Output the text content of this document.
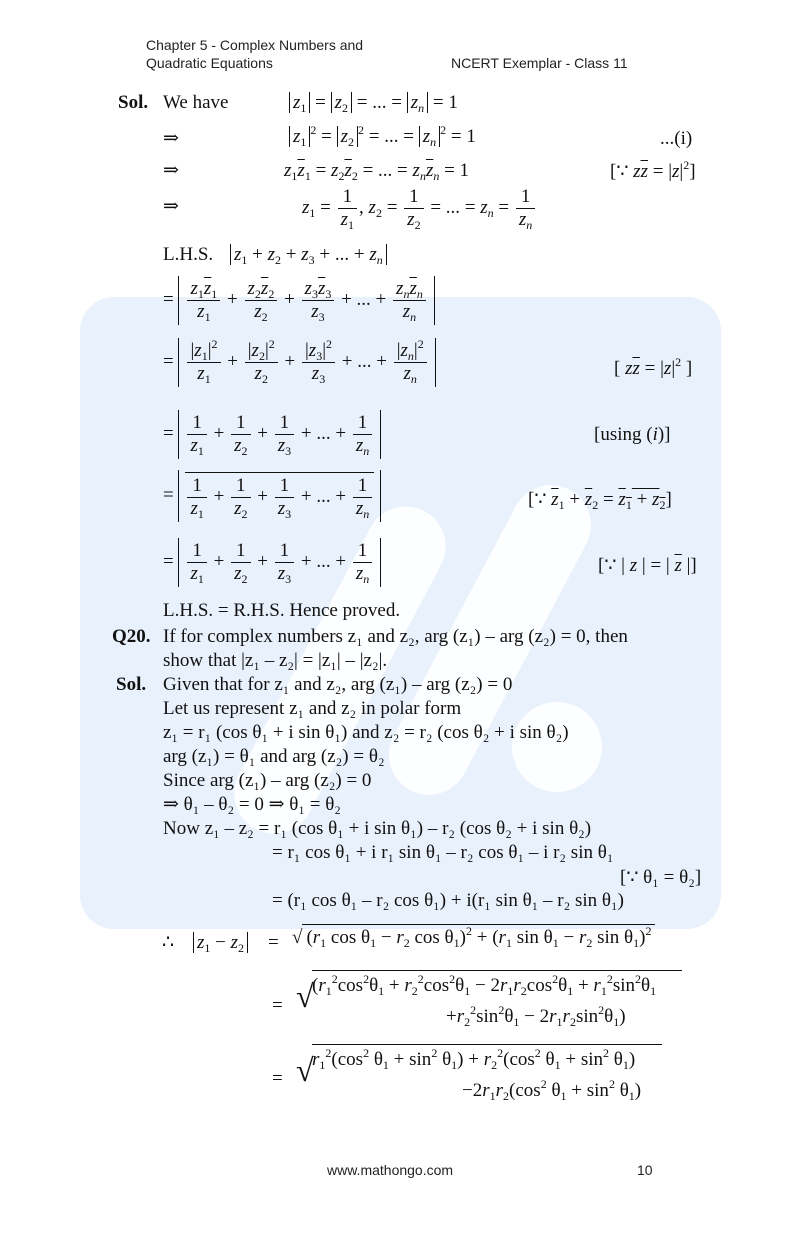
Chapter 5 - Complex Numbers and
Quadratic Equations	NCERT Exemplar - Class 11
Sol. We have	$z_1 = z_2$ = ... = $z_n = 1$
⇒	$z_1^2 = z_2^2$ = ... = $z_n^2 = 1$	...(i)
⇒	$z_1\overline{z}_1 = z_2\overline{z}_2$ = ... = $z_n\overline{z}_n = 1$	[∵ $z\overline{z} = |z|^2$]
⇒	$z_1 = \frac{1}{\overline{z}_1}$ , $z_2 = \frac{1}{\overline{z}_2}$ = ... = $z_n = \frac{1}{\overline{z}_n}$
L.H.S. $z_1 + z_2 + z_3$ + ... + $z_n$
= $\frac{z_1\overline{z}_1}{\overline{z}_1} + \frac{z_2\overline{z}_2}{\overline{z}_2} + \frac{z_3\overline{z}_3}{\overline{z}_3}$ + ... + $\frac{z_n\overline{z}_n}{\overline{z}_n}$
= $\frac{|z_1|^2}{\overline{z}_1} + \frac{|z_2|^2}{\overline{z}_2} + \frac{|z_3|^2}{\overline{z}_3}$ + ... + $\frac{|z_n|^2}{\overline{z}_n}$	[ $z\overline{z} = |z|^2$ ]
= $\frac{1}{\overline{z}_1} + \frac{1}{\overline{z}_2} + \frac{1}{\overline{z}_3}$ + ... + $\frac{1}{\overline{z}_n}$	[using (i)]
= $\frac{1}{z_1} + \frac{1}{z_2} + \frac{1}{z_3}$ + ... + $\frac{1}{z_n}$	[∵ $\overline{z}_1 + \overline{z}_2 = z_1 + z_2$]
= $\frac{1}{z_1} + \frac{1}{z_2} + \frac{1}{z_3}$ + ... + $\frac{1}{z_n}$	[∵ | z | = | $\overline{z}$ |]
L.H.S. = R.H.S. Hence proved.
Q20. If for complex numbers z₁ and z₂, arg (z₁) – arg (z₂) = 0, then
show that |z₁ – z₂| = |z₁| – |z₂|.
Sol. Given that for z₁ and z₂, arg (z₁) – arg (z₂) = 0
Let us represent z₁ and z₂ in polar form
z₁ = r₁ (cos θ₁ + i sin θ₁) and z₂ = r₂ (cos θ₂ + i sin θ₂)
arg (z₁) = θ₁ and arg (z₂) = θ₂
Since arg (z₁) – arg (z₂) = 0
⇒ θ₁ – θ₂ = 0 ⇒ θ₁ = θ₂
Now z₁ – z₂ = r₁ (cos θ₁ + i sin θ₁) – r₂ (cos θ₂ + i sin θ₂)
= r₁ cos θ₁ + i r₁ sin θ₁ – r₂ cos θ₁ – i r₂ sin θ₁
[∵ θ₁ = θ₂]
= (r₁ cos θ₁ – r₂ cos θ₁) + i(r₁ sin θ₁ – r₂ sin θ₁)
∴ $z_1 - z_2$ = √ ($r_1$ $\cos \theta_1 - r_2$ $\cos \theta_1)^2 + (r_1$ $\sin \theta_1 - r_2$ $\sin \theta_1)^2$
= √
($r_1^2\cos^2\theta_1 + r_2^2\cos^2\theta_1 - 2r_1r_2\cos^2\theta_1 + r_1^2\sin^2\theta_1$
$+r_2^2\sin^2\theta_1 - 2r_1r_2\sin^2\theta_1$)
= √
$r_1^2(\cos^2$ $\theta_1 + \sin^2 \theta_1) + r_2^2(\cos^2$ $\theta_1 + \sin^2 \theta_1$)
$-2r_1r_2(\cos^2$ $\theta_1 + \sin^2 \theta_1$)
www.mathongo.com	10
